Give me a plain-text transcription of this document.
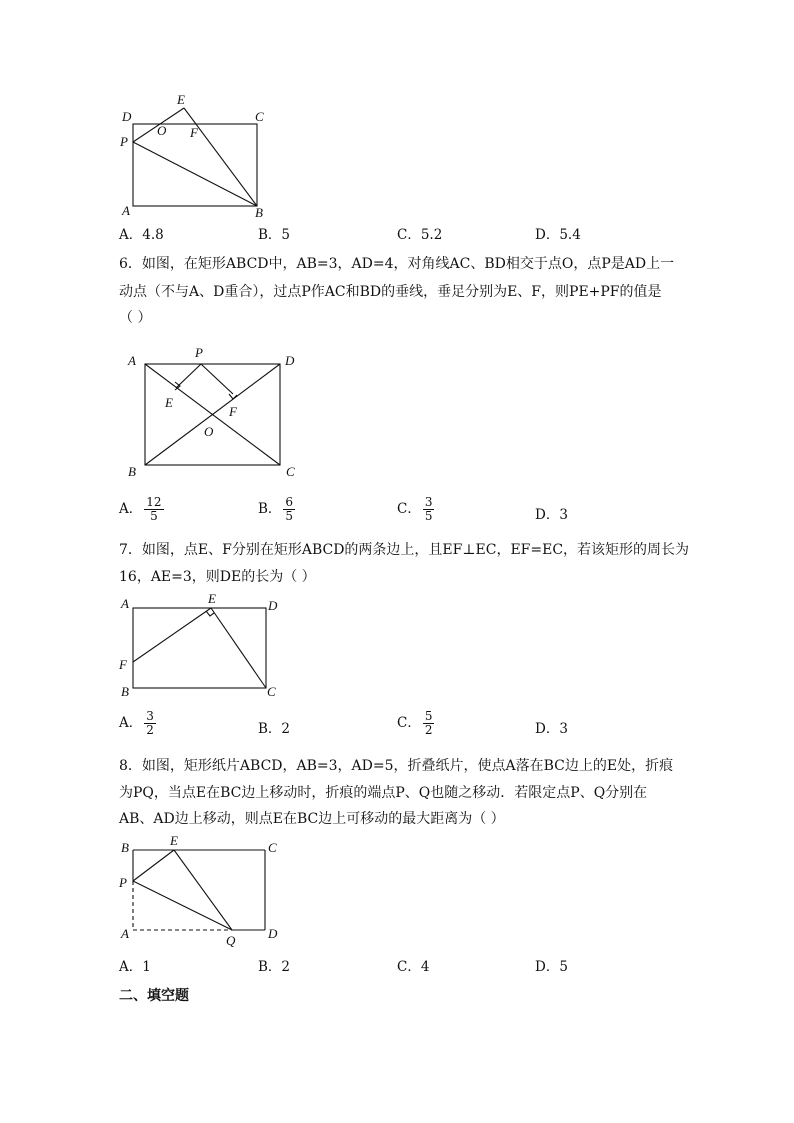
D
E
C
P
O F
A	B
A．4.8	B．5	C．5.2	D．5.4
6．如图，在矩形ABCD中，AB=3，AD=4，对角线AC、BD相交于点O，点P是AD上一
动点（不与A、D重合），过点P作AC和BD的垂线，垂足分别为E、F，则PE+PF的值是
（ ）
A
P
D
E
F
O
B	C
A． $\frac{12}{5}$	B． $\frac{6}{5}$	C． $\frac{3}{5}$	D．3
7．如图，点E、F分别在矩形ABCD的两条边上，且EF⊥EC，EF=EC，若该矩形的周长为
16，AE=3，则DE的长为（ ）
A	E	D
F
B	C
A． $\frac{3}{2}$	B．2	C． $\frac{5}{2}$	D．3
8．如图，矩形纸片ABCD，AB=3，AD=5，折叠纸片，使点A落在BC边上的E处，折痕
为PQ，当点E在BC边上移动时，折痕的端点P、Q也随之移动．若限定点P、Q分别在
AB、AD边上移动，则点E在BC边上可移动的最大距离为（ ）
B	E	C
P
A	Q	D
A．1	B．2	C．4	D．5
二、填空题
